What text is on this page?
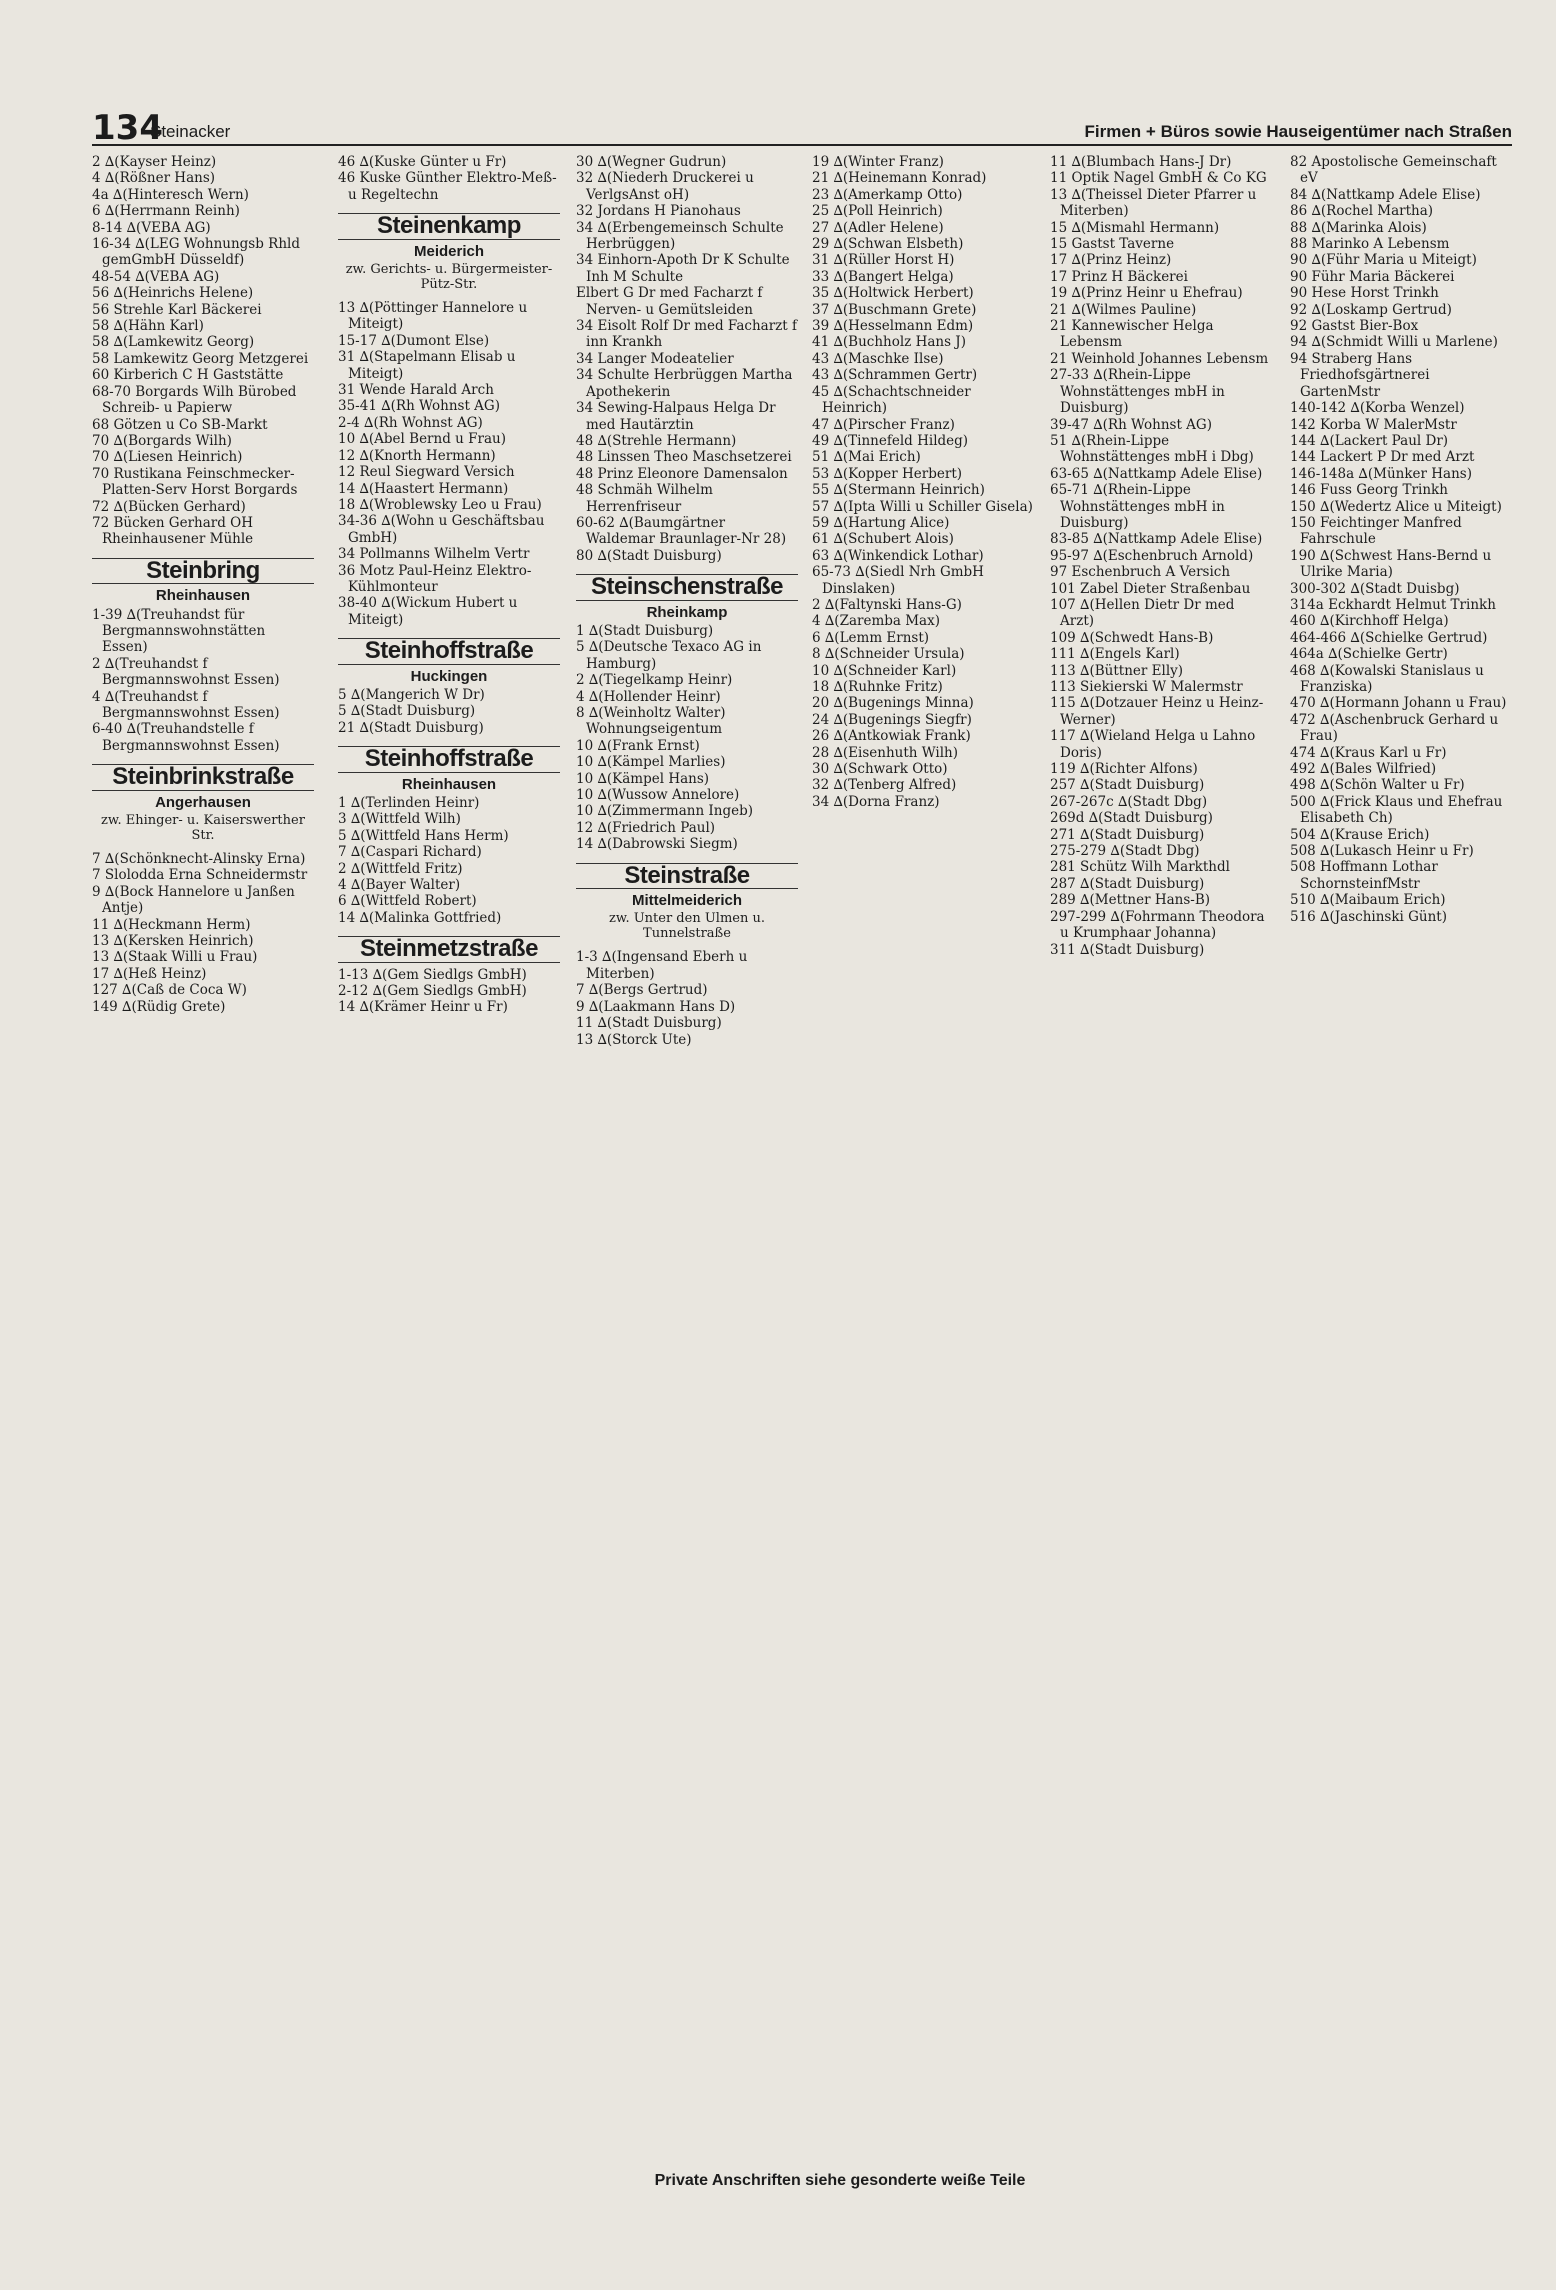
134
Steinacker	Firmen + Büros sowie Hauseigentümer nach Straßen
2 ∆(Kayser Heinz)
4 ∆(Rößner Hans)
4a ∆(Hinteresch Wern)
6 ∆(Herrmann Reinh)
8-14 ∆(VEBA AG)
16-34 ∆(LEG Wohnungsb Rhld gemGmbH Düsseldf)
48-54 ∆(VEBA AG)
56 ∆(Heinrichs Helene)
56 Strehle Karl Bäckerei
58 ∆(Hähn Karl)
58 ∆(Lamkewitz Georg)
58 Lamkewitz Georg Metzgerei
60 Kirberich C H Gaststätte
68-70 Borgards Wilh Bürobed Schreib- u Papierw
68 Götzen u Co SB-Markt
70 ∆(Borgards Wilh)
70 ∆(Liesen Heinrich)
70 Rustikana Feinschmecker-Platten-Serv Horst Borgards
72 ∆(Bücken Gerhard)
72 Bücken Gerhard OH Rheinhausener Mühle
Steinbring
Rheinhausen
1-39 ∆(Treuhandst für Bergmannswohnstätten Essen)
2 ∆(Treuhandst f Bergmannswohnst Essen)
4 ∆(Treuhandst f Bergmannswohnst Essen)
6-40 ∆(Treuhandstelle f Bergmannswohnst Essen)
Steinbrinkstraße
Angerhausen
zw. Ehinger- u. Kaiserswerther Str.
7 ∆(Schönknecht-Alinsky Erna)
7 Slolodda Erna Schneidermstr
9 ∆(Bock Hannelore u Janßen Antje)
11 ∆(Heckmann Herm)
13 ∆(Kersken Heinrich)
13 ∆(Staak Willi u Frau)
17 ∆(Heß Heinz)
127 ∆(Caß de Coca W)
149 ∆(Rüdig Grete)
46 ∆(Kuske Günter u Fr)
46 Kuske Günther Elektro-Meß-u Regeltechn
Steinenkamp
Meiderich
zw. Gerichts- u. Bürgermeister-Pütz-Str.
13 ∆(Pöttinger Hannelore u Miteigt)
15-17 ∆(Dumont Else)
31 ∆(Stapelmann Elisab u Miteigt)
31 Wende Harald Arch
35-41 ∆(Rh Wohnst AG)
2-4 ∆(Rh Wohnst AG)
10 ∆(Abel Bernd u Frau)
12 ∆(Knorth Hermann)
12 Reul Siegward Versich
14 ∆(Haastert Hermann)
18 ∆(Wroblewsky Leo u Frau)
34-36 ∆(Wohn u Geschäftsbau GmbH)
34 Pollmanns Wilhelm Vertr
36 Motz Paul-Heinz Elektro-Kühlmonteur
38-40 ∆(Wickum Hubert u Miteigt)
Steinhoffstraße
Huckingen
5 ∆(Mangerich W Dr)
5 ∆(Stadt Duisburg)
21 ∆(Stadt Duisburg)
Steinhoffstraße
Rheinhausen
1 ∆(Terlinden Heinr)
3 ∆(Wittfeld Wilh)
5 ∆(Wittfeld Hans Herm)
7 ∆(Caspari Richard)
2 ∆(Wittfeld Fritz)
4 ∆(Bayer Walter)
6 ∆(Wittfeld Robert)
14 ∆(Malinka Gottfried)
Steinmetzstraße
1-13 ∆(Gem Siedlgs GmbH)
2-12 ∆(Gem Siedlgs GmbH)
14 ∆(Krämer Heinr u Fr)
30 ∆(Wegner Gudrun)
32 ∆(Niederh Druckerei u VerlgsAnst oH)
32 Jordans H Pianohaus
34 ∆(Erbengemeinsch Schulte Herbrüggen)
34 Einhorn-Apoth Dr K Schulte Inh M Schulte
Elbert G Dr med Facharzt f Nerven- u Gemütsleiden
34 Eisolt Rolf Dr med Facharzt f inn Krankh
34 Langer Modeatelier
34 Schulte Herbrüggen Martha Apothekerin
34 Sewing-Halpaus Helga Dr med Hautärztin
48 ∆(Strehle Hermann)
48 Linssen Theo Maschsetzerei
48 Prinz Eleonore Damensalon
48 Schmäh Wilhelm Herrenfriseur
60-62 ∆(Baumgärtner Waldemar Braunlager-Nr 28)
80 ∆(Stadt Duisburg)
Steinschenstraße
Rheinkamp
1 ∆(Stadt Duisburg)
5 ∆(Deutsche Texaco AG in Hamburg)
2 ∆(Tiegelkamp Heinr)
4 ∆(Hollender Heinr)
8 ∆(Weinholtz Walter) Wohnungseigentum
10 ∆(Frank Ernst)
10 ∆(Kämpel Marlies)
10 ∆(Kämpel Hans)
10 ∆(Wussow Annelore)
10 ∆(Zimmermann Ingeb)
12 ∆(Friedrich Paul)
14 ∆(Dabrowski Siegm)
Steinstraße
Mittelmeiderich
zw. Unter den Ulmen u. Tunnelstraße
1-3 ∆(Ingensand Eberh u Miterben)
7 ∆(Bergs Gertrud)
9 ∆(Laakmann Hans D)
11 ∆(Stadt Duisburg)
13 ∆(Storck Ute)
19 ∆(Winter Franz)
21 ∆(Heinemann Konrad)
23 ∆(Amerkamp Otto)
25 ∆(Poll Heinrich)
27 ∆(Adler Helene)
29 ∆(Schwan Elsbeth)
31 ∆(Rüller Horst H)
33 ∆(Bangert Helga)
35 ∆(Holtwick Herbert)
37 ∆(Buschmann Grete)
39 ∆(Hesselmann Edm)
41 ∆(Buchholz Hans J)
43 ∆(Maschke Ilse)
43 ∆(Schrammen Gertr)
45 ∆(Schachtschneider Heinrich)
47 ∆(Pirscher Franz)
49 ∆(Tinnefeld Hildeg)
51 ∆(Mai Erich)
53 ∆(Kopper Herbert)
55 ∆(Stermann Heinrich)
57 ∆(Ipta Willi u Schiller Gisela)
59 ∆(Hartung Alice)
61 ∆(Schubert Alois)
63 ∆(Winkendick Lothar)
65-73 ∆(Siedl Nrh GmbH Dinslaken)
2 ∆(Faltynski Hans-G)
4 ∆(Zaremba Max)
6 ∆(Lemm Ernst)
8 ∆(Schneider Ursula)
10 ∆(Schneider Karl)
18 ∆(Ruhnke Fritz)
20 ∆(Bugenings Minna)
24 ∆(Bugenings Siegfr)
26 ∆(Antkowiak Frank)
28 ∆(Eisenhuth Wilh)
30 ∆(Schwark Otto)
32 ∆(Tenberg Alfred)
34 ∆(Dorna Franz)
11 ∆(Blumbach Hans-J Dr)
11 Optik Nagel GmbH & Co KG
13 ∆(Theissel Dieter Pfarrer u Miterben)
15 ∆(Mismahl Hermann)
15 Gastst Taverne
17 ∆(Prinz Heinz)
17 Prinz H Bäckerei
19 ∆(Prinz Heinr u Ehefrau)
21 ∆(Wilmes Pauline)
21 Kannewischer Helga Lebensm
21 Weinhold Johannes Lebensm
27-33 ∆(Rhein-Lippe Wohnstättenges mbH in Duisburg)
39-47 ∆(Rh Wohnst AG)
51 ∆(Rhein-Lippe Wohnstättenges mbH i Dbg)
63-65 ∆(Nattkamp Adele Elise)
65-71 ∆(Rhein-Lippe Wohnstättenges mbH in Duisburg)
83-85 ∆(Nattkamp Adele Elise)
95-97 ∆(Eschenbruch Arnold)
97 Eschenbruch A Versich
101 Zabel Dieter Straßenbau
107 ∆(Hellen Dietr Dr med Arzt)
109 ∆(Schwedt Hans-B)
111 ∆(Engels Karl)
113 ∆(Büttner Elly)
113 Siekierski W Malermstr
115 ∆(Dotzauer Heinz u Heinz-Werner)
117 ∆(Wieland Helga u Lahno Doris)
119 ∆(Richter Alfons)
257 ∆(Stadt Duisburg)
267-267c ∆(Stadt Dbg)
269d ∆(Stadt Duisburg)
271 ∆(Stadt Duisburg)
275-279 ∆(Stadt Dbg)
281 Schütz Wilh Markthdl
287 ∆(Stadt Duisburg)
289 ∆(Mettner Hans-B)
297-299 ∆(Fohrmann Theodora u Krumphaar Johanna)
311 ∆(Stadt Duisburg)
82 Apostolische Gemeinschaft eV
84 ∆(Nattkamp Adele Elise)
86 ∆(Rochel Martha)
88 ∆(Marinka Alois)
88 Marinko A Lebensm
90 ∆(Führ Maria u Miteigt)
90 Führ Maria Bäckerei
90 Hese Horst Trinkh
92 ∆(Loskamp Gertrud)
92 Gastst Bier-Box
94 ∆(Schmidt Willi u Marlene)
94 Straberg Hans Friedhofsgärtnerei GartenMstr
140-142 ∆(Korba Wenzel)
142 Korba W MalerMstr
144 ∆(Lackert Paul Dr)
144 Lackert P Dr med Arzt
146-148a ∆(Münker Hans)
146 Fuss Georg Trinkh
150 ∆(Wedertz Alice u Miteigt)
150 Feichtinger Manfred Fahrschule
190 ∆(Schwest Hans-Bernd u Ulrike Maria)
300-302 ∆(Stadt Duisbg)
314a Eckhardt Helmut Trinkh
460 ∆(Kirchhoff Helga)
464-466 ∆(Schielke Gertrud)
464a ∆(Schielke Gertr)
468 ∆(Kowalski Stanislaus u Franziska)
470 ∆(Hormann Johann u Frau)
472 ∆(Aschenbruck Gerhard u Frau)
474 ∆(Kraus Karl u Fr)
492 ∆(Bales Wilfried)
498 ∆(Schön Walter u Fr)
500 ∆(Frick Klaus und Ehefrau Elisabeth Ch)
504 ∆(Krause Erich)
508 ∆(Lukasch Heinr u Fr)
508 Hoffmann Lothar SchornsteinfMstr
510 ∆(Maibaum Erich)
516 ∆(Jaschinski Günt)
Private Anschriften siehe gesonderte weiße Teile
